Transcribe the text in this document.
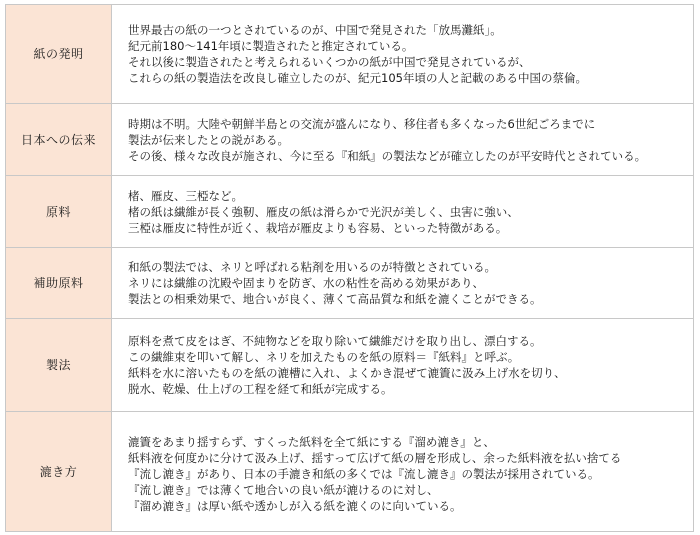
紙の発明	世界最古の紙の一つとされているのが、中国で発見された「放馬灘紙」。
紀元前180～141年頃に製造されたと推定されている。
それ以後に製造されたと考えられるいくつかの紙が中国で発見されているが、
これらの紙の製造法を改良し確立したのが、紀元105年頃の人と記載のある中国の蔡倫。

日本への伝来	時期は不明。大陸や朝鮮半島との交流が盛んになり、移住者も多くなった6世紀ごろまでに
製法が伝来したとの説がある。
その後、様々な改良が施され、今に至る『和紙』の製法などが確立したのが平安時代とされている。

原料	楮、雁皮、三椏など。
楮の紙は繊維が長く強靭、雁皮の紙は滑らかで光沢が美しく、虫害に強い、
三椏は雁皮に特性が近く、栽培が雁皮よりも容易、といった特徴がある。

補助原料	和紙の製法では、ネリと呼ばれる粘剤を用いるのが特徴とされている。
ネリには繊維の沈殿や固まりを防ぎ、水の粘性を高める効果があり、
製法との相乗効果で、地合いが良く、薄くて高品質な和紙を漉くことができる。

製法	原料を煮て皮をはぎ、不純物などを取り除いて繊維だけを取り出し、漂白する。
この繊維束を叩いて解し、ネリを加えたものを紙の原料＝『紙料』と呼ぶ。
紙料を水に溶いたものを紙の漉槽に入れ、よくかき混ぜて漉簀に汲み上げ水を切り、
脱水、乾燥、仕上げの工程を経て和紙が完成する。

漉き方	漉簀をあまり揺すらず、すくった紙料を全て紙にする『溜め漉き』と、
紙料液を何度かに分けて汲み上げ、揺すって広げて紙の層を形成し、余った紙料液を払い捨てる
『流し漉き』があり、日本の手漉き和紙の多くでは『流し漉き』の製法が採用されている。
『流し漉き』では薄くて地合いの良い紙が漉けるのに対し、
『溜め漉き』は厚い紙や透かしが入る紙を漉くのに向いている。
